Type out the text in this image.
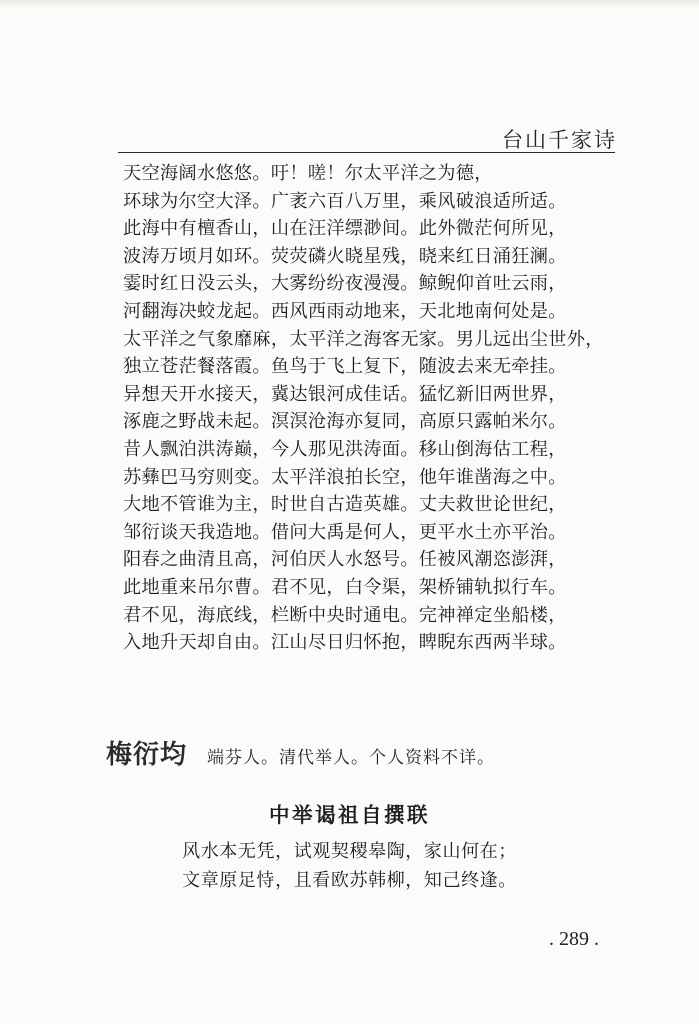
台山千家诗
天空海阔水悠悠。吁！嗟！尔太平洋之为德，
环球为尔空大泽。广袤六百八万里，乘风破浪适所适。
此海中有檀香山，山在汪洋缥渺间。此外微茫何所见，
波涛万顷月如环。荧荧磷火晓星残，晓来红日涌狂澜。
霎时红日没云头，大雾纷纷夜漫漫。鲸鲵仰首吐云雨，
河翻海决蛟龙起。西风西雨动地来，天北地南何处是。
太平洋之气象靡麻，太平洋之海客无家。男儿远出尘世外，
独立苍茫餐落霞。鱼鸟于飞上复下，随波去来无牵挂。
异想天开水接天，冀达银河成佳话。猛忆新旧两世界，
涿鹿之野战未起。溟溟沧海亦复同，高原只露帕米尔。
昔人飘泊洪涛巅，今人那见洪涛面。移山倒海估工程，
苏彝巴马穷则变。太平洋浪拍长空，他年谁凿海之中。
大地不管谁为主，时世自古造英雄。丈夫救世论世纪，
邹衍谈天我造地。借问大禹是何人，更平水土亦平治。
阳春之曲清且高，河伯厌人水怒号。任被风潮恣澎湃，
此地重来吊尔曹。君不见，白令渠，架桥铺轨拟行车。
君不见，海底线，栏断中央时通电。完神禅定坐船楼，
入地升天却自由。江山尽日归怀抱，睥睨东西两半球。
梅衍均 端芬人。清代举人。个人资料不详。
中举谒祖自撰联
风水本无凭，试观契稷皋陶，家山何在；
文章原足恃，且看欧苏韩柳，知己终逢。
. 289 .
